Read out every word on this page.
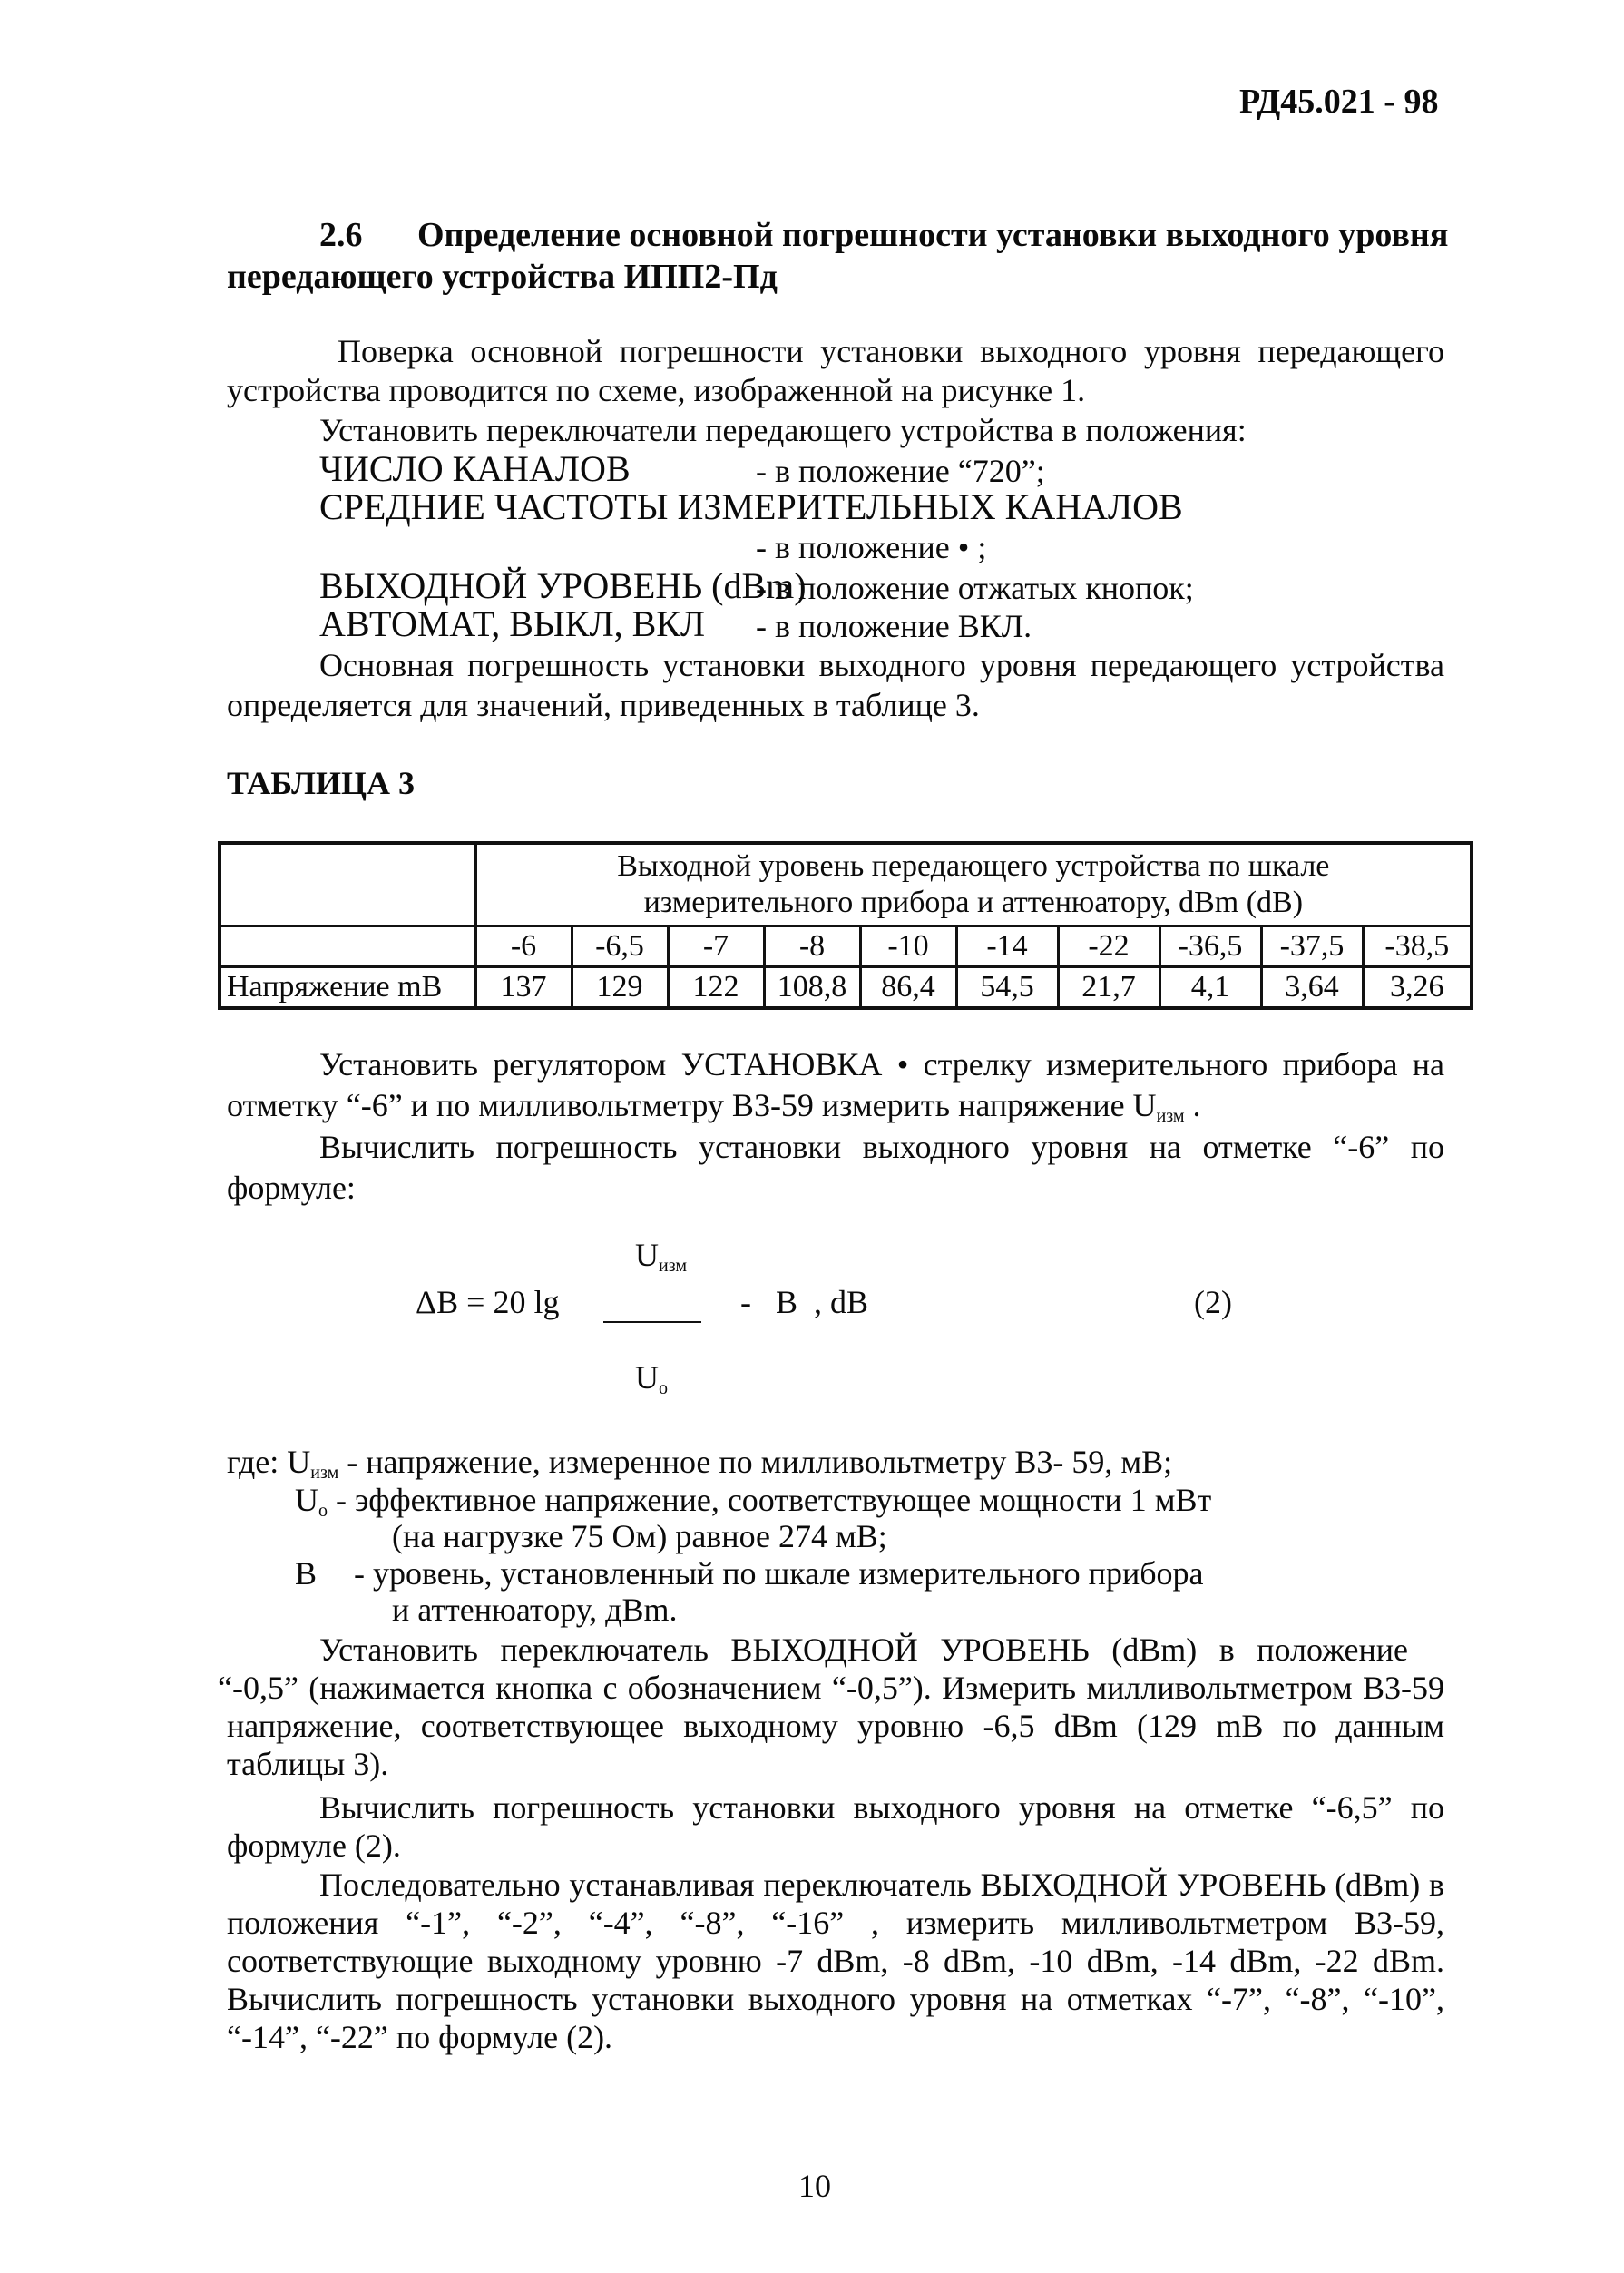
РД45.021 - 98
2.6 Определение основной погрешности установки выходного уровня
передающего устройства ИПП2-Пд
Поверка основной погрешности установки выходного уровня передающего
устройства проводится по схеме, изображенной на рисунке 1.
Установить переключатели передающего устройства в положения:
ЧИСЛО КАНАЛОВ	- в положение “720”;
СРЕДНИЕ ЧАСТОТЫ ИЗМЕРИТЕЛЬНЫХ КАНАЛОВ
- в положение • ;
ВЫХОДНОЙ УРОВЕНЬ (dBm)
- в положение отжатых кнопок;
АВТОМАТ, ВЫКЛ, ВКЛ - в положение ВКЛ.
Основная погрешность установки выходного уровня передающего устройства
определяется для значений, приведенных в таблице 3.
ТАБЛИЦА 3

	Выходной уровень передающего устройства по шкале
измерительного прибора и аттенюатору, dBm (dB)									

	-6	-6,5	-7	-8	-10	-14	-22	-36,5	-37,5	-38,5
Напряжение mB	137	129	122	108,8	86,4	54,5	21,7	4,1	3,64	3,26
Установить регулятором УСТАНОВКА • стрелку измерительного прибора на
отметку “-6” и по милливольтметру В3-59 измерить напряжение $U_{изм}$ .
Вычислить погрешность установки выходного уровня на отметке “-6” по
формуле:
$U_{изм}$
ΔB = 20 lg	-   B  , dB	(2)
$U_o$
где: $U_{изм}$ - напряжение, измеренное по милливольтметру В3- 59, мВ;
$U_o$ - эффективное напряжение, соответствующее мощности 1 мВт
(на нагрузке 75 Ом) равное 274 мВ;
B - уровень, установленный по шкале измерительного прибора
и аттенюатору, дВm.
Установить переключатель ВЫХОДНОЙ УРОВЕНЬ (dBm) в положение
“-0,5” (нажимается кнопка с обозначением “-0,5”). Измерить милливольтметром В3-59
напряжение, соответствующее выходному уровню -6,5 dBm (129 mB по данным
таблицы 3).
Вычислить погрешность установки выходного уровня на отметке “-6,5” по
формуле (2).
Последовательно устанавливая переключатель ВЫХОДНОЙ УРОВЕНЬ (dBm) в
положения “-1”, “-2”, “-4”, “-8”, “-16” , измерить милливольтметром В3-59,
соответствующие выходному уровню -7 dBm, -8 dBm, -10 dBm, -14 dBm, -22 dBm.
Вычислить погрешность установки выходного уровня на отметках “-7”, “-8”, “-10”,
“-14”, “-22” по формуле (2).
10
